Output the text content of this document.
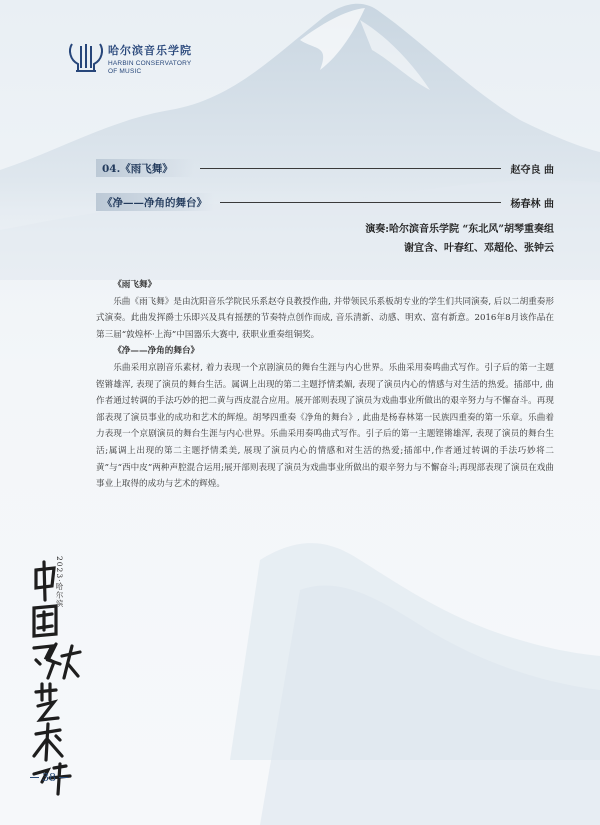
哈尔滨音乐学院
HARBIN CONSERVATORY
OF MUSIC
04.《雨飞舞》	赵夺良 曲
《净——净角的舞台》	杨春林 曲
演奏:哈尔滨音乐学院 “东北风”胡琴重奏组
谢宜含、叶春红、邓超伦、张钟云
《雨飞舞》

乐曲《雨飞舞》是由沈阳音乐学院民乐系赵夺良教授作曲, 并带领民乐系板胡专业的学生们共同演奏, 后以二胡重奏形式演奏。此曲发挥爵士乐即兴及具有摇摆的节奏特点创作而成, 音乐清新、动感、明欢、富有新意。2016年8月该作品在第三届“敦煌杯·上海”中国器乐大赛中, 获职业重奏组铜奖。

《净——净角的舞台》

乐曲采用京剧音乐素材, 着力表现一个京剧演员的舞台生涯与内心世界。乐曲采用奏鸣曲式写作。引子后的第一主题铿锵雄浑, 表现了演员的舞台生活。属调上出现的第二主题抒情柔媚, 表现了演员内心的情感与对生活的热爱。插部中, 曲作者通过转调的手法巧妙的把二黄与西皮混合应用。展开部则表现了演员为戏曲事业所做出的艰辛努力与不懈奋斗。再现部表现了演员事业的成功和艺术的辉煌。胡琴四重奏《净角的舞台》, 此曲是杨春林第一民族四重奏的第一乐章。乐曲着力表现一个京剧演员的舞台生涯与内心世界。乐曲采用奏鸣曲式写作。引子后的第一主题铿锵雄浑, 表现了演员的舞台生活;属调上出现的第二主题抒情柔美, 展现了演员内心的情感和对生活的热爱;插部中,作者通过转调的手法巧妙将二黄”与“西中皮”两种声腔混合运用;展开部则表现了演员为戏曲事业所做出的艰辛努力与不懈奋斗;再现部表现了演员在戏曲事业上取得的成功与艺术的辉煌。

2023·哈尔滨
38
